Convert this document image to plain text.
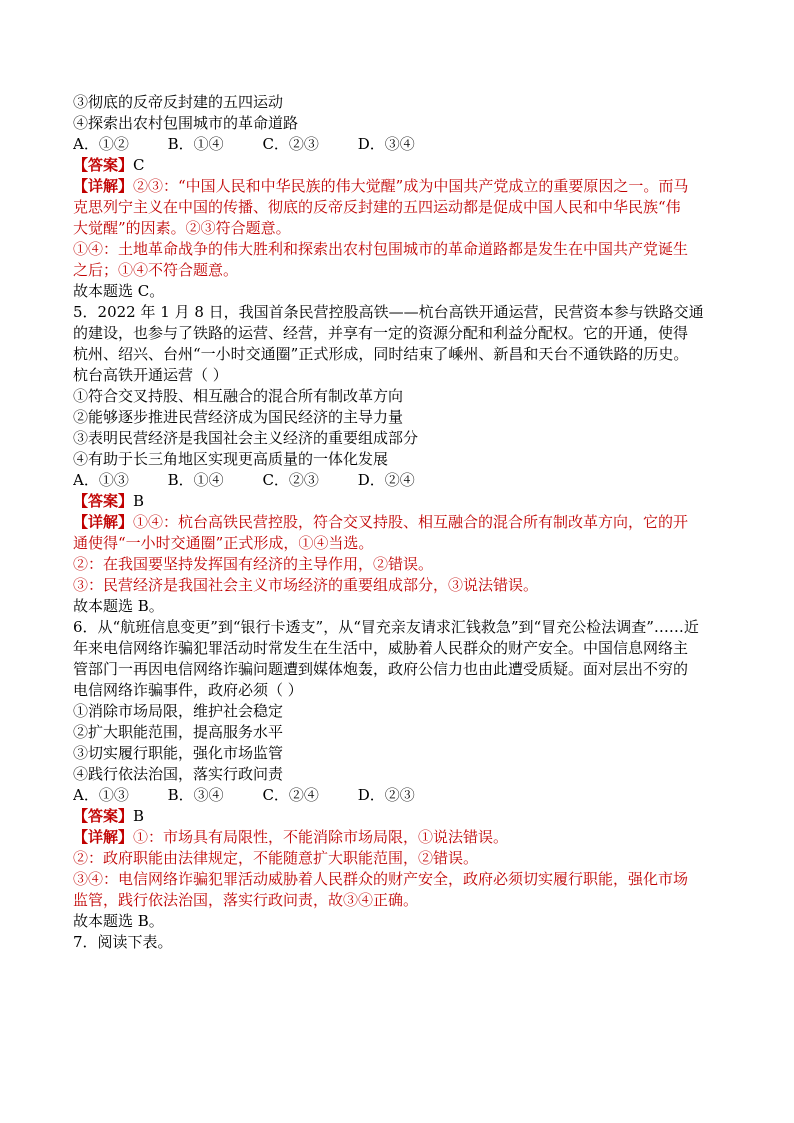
③彻底的反帝反封建的五四运动
④探索出农村包围城市的革命道路
A．①②	B．①④	C．②③	D．③④
【答案】C
【详解】②③：“中国人民和中华民族的伟大觉醒”成为中国共产党成立的重要原因之一。而马
克思列宁主义在中国的传播、彻底的反帝反封建的五四运动都是促成中国人民和中华民族“伟
大觉醒”的因素。②③符合题意。
①④：土地革命战争的伟大胜利和探索出农村包围城市的革命道路都是发生在中国共产党诞生
之后；①④不符合题意。
故本题选 C。
5．2022 年 1 月 8 日，我国首条民营控股高铁——杭台高铁开通运营，民营资本参与铁路交通
的建设，也参与了铁路的运营、经营，并享有一定的资源分配和利益分配权。它的开通，使得
杭州、绍兴、台州“一小时交通圈”正式形成，同时结束了嵊州、新昌和天台不通铁路的历史。
杭台高铁开通运营（ ）
①符合交叉持股、相互融合的混合所有制改革方向
②能够逐步推进民营经济成为国民经济的主导力量
③表明民营经济是我国社会主义经济的重要组成部分
④有助于长三角地区实现更高质量的一体化发展
A．①③	B．①④	C．②③	D．②④
【答案】B
【详解】①④：杭台高铁民营控股，符合交叉持股、相互融合的混合所有制改革方向，它的开
通使得“一小时交通圈”正式形成，①④当选。
②：在我国要坚持发挥国有经济的主导作用，②错误。
③：民营经济是我国社会主义市场经济的重要组成部分，③说法错误。
故本题选 B。
6．从“航班信息变更”到“银行卡透支”，从“冒充亲友请求汇钱救急”到“冒充公检法调查”……近
年来电信网络诈骗犯罪活动时常发生在生活中，威胁着人民群众的财产安全。中国信息网络主
管部门一再因电信网络诈骗问题遭到媒体炮轰，政府公信力也由此遭受质疑。面对层出不穷的
电信网络诈骗事件，政府必须（ ）
①消除市场局限，维护社会稳定
②扩大职能范围，提高服务水平
③切实履行职能，强化市场监管
④践行依法治国，落实行政问责
A．①③	B．③④	C．②④	D．②③
【答案】B
【详解】①：市场具有局限性，不能消除市场局限，①说法错误。
②：政府职能由法律规定，不能随意扩大职能范围，②错误。
③④：电信网络诈骗犯罪活动威胁着人民群众的财产安全，政府必须切实履行职能，强化市场
监管，践行依法治国，落实行政问责，故③④正确。
故本题选 B。
7．阅读下表。
